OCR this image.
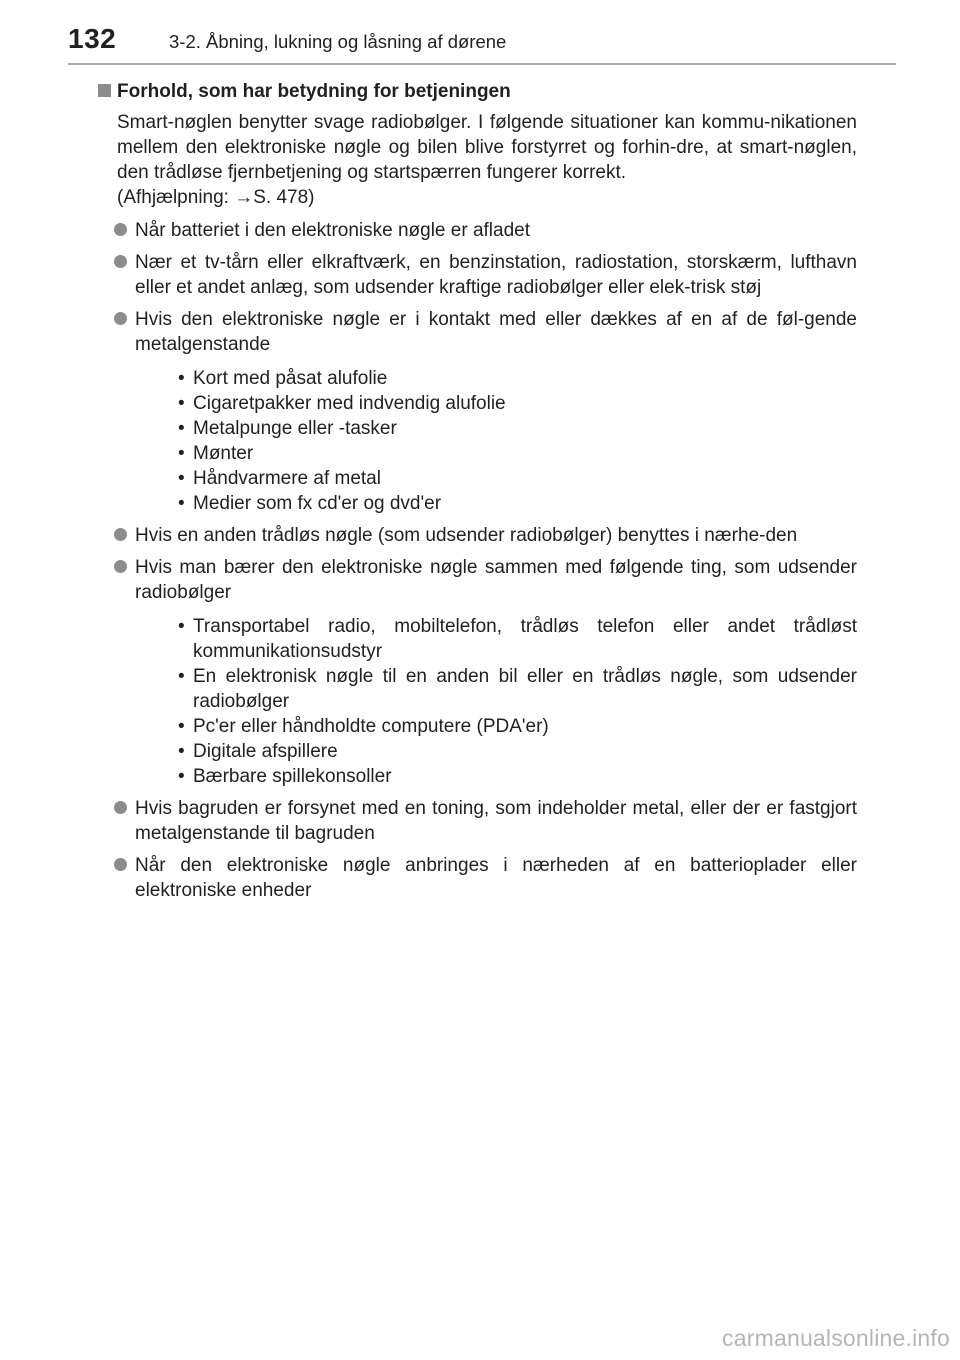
132	3-2. Åbning, lukning og låsning af dørene
Forhold, som har betydning for betjeningen

Smart-nøglen benytter svage radiobølger. I følgende situationer kan kommu-nikationen mellem den elektroniske nøgle og bilen blive forstyrret og forhin-dre, at smart-nøglen, den trådløse fjernbetjening og startspærren fungerer korrekt.

(Afhjælpning: →S. 478)
Når batteriet i den elektroniske nøgle er afladet
Nær et tv-tårn eller elkraftværk, en benzinstation, radiostation, storskærm, lufthavn eller et andet anlæg, som udsender kraftige radiobølger eller elek-trisk støj
Hvis den elektroniske nøgle er i kontakt med eller dækkes af en af de føl-gende metalgenstande
• Kort med påsat alufolie
• Cigaretpakker med indvendig alufolie
• Metalpunge eller -tasker
• Mønter
• Håndvarmere af metal
• Medier som fx cd'er og dvd'er
Hvis en anden trådløs nøgle (som udsender radiobølger) benyttes i nærhe-den
Hvis man bærer den elektroniske nøgle sammen med følgende ting, som udsender radiobølger
• Transportabel radio, mobiltelefon, trådløs telefon eller andet trådløst kommunikationsudstyr
• En elektronisk nøgle til en anden bil eller en trådløs nøgle, som udsender radiobølger
• Pc'er eller håndholdte computere (PDA'er)
• Digitale afspillere
• Bærbare spillekonsoller
Hvis bagruden er forsynet med en toning, som indeholder metal, eller der er fastgjort metalgenstande til bagruden
Når den elektroniske nøgle anbringes i nærheden af en batterioplader eller elektroniske enheder
carmanualsonline.info
